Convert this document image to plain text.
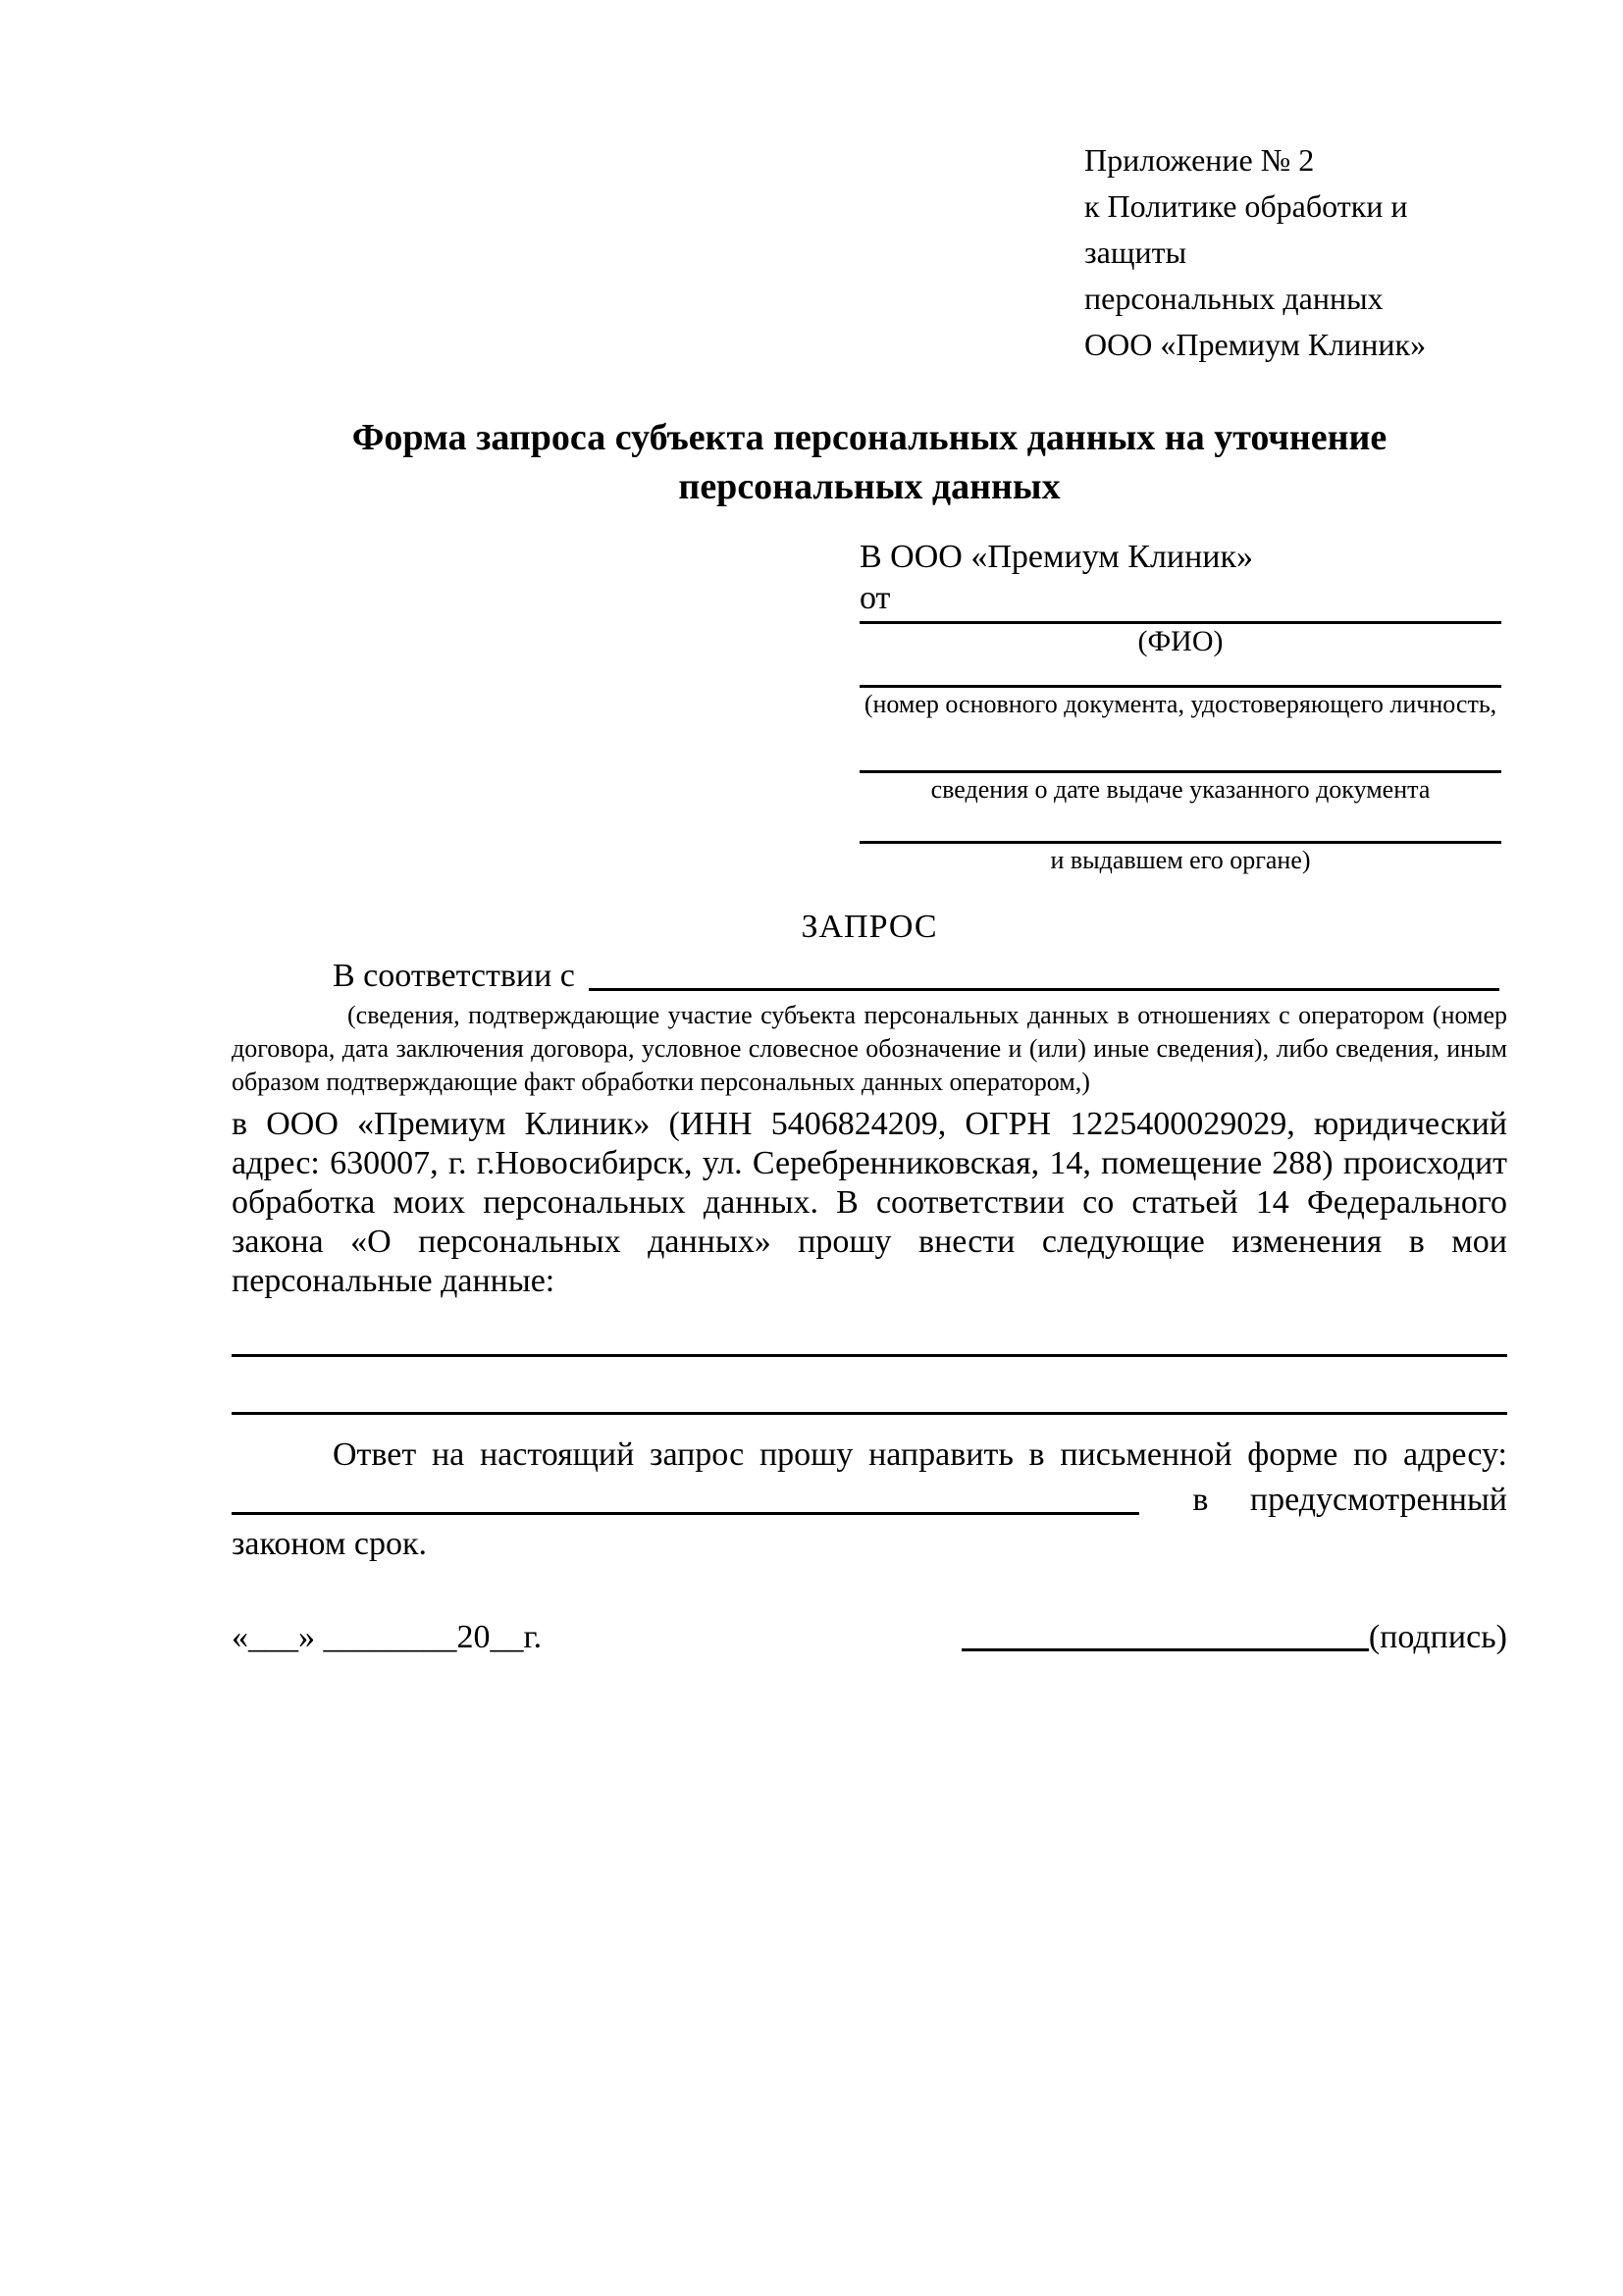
Приложение № 2
к Политике обработки и защиты
персональных данных
ООО «Премиум Клиник»
Форма запроса субъекта персональных данных на уточнение персональных данных
В ООО «Премиум Клиник»
от
(ФИО)
(номер основного документа, удостоверяющего личность,
сведения о дате выдаче указанного документа
и выдавшем его органе)
ЗАПРОС
В соответствии с

(сведения, подтверждающие участие субъекта персональных данных в отношениях с оператором (номер договора, дата заключения договора, условное словесное обозначение и (или) иные сведения), либо сведения, иным образом подтверждающие факт обработки персональных данных оператором,)

в ООО «Премиум Клиник» (ИНН 5406824209, ОГРН 1225400029029, юридический адрес: 630007, г. г.Новосибирск, ул. Серебренниковская, 14, помещение 288) происходит обработка моих персональных данных. В соответствии со статьей 14 Федерального закона «О персональных данных» прошу внести следующие изменения в мои персональные данные:

Ответ на настоящий запрос прошу направить в письменной форме по адресу:
в предусмотренный
законом срок.
«___» ________20__г.	(подпись)
